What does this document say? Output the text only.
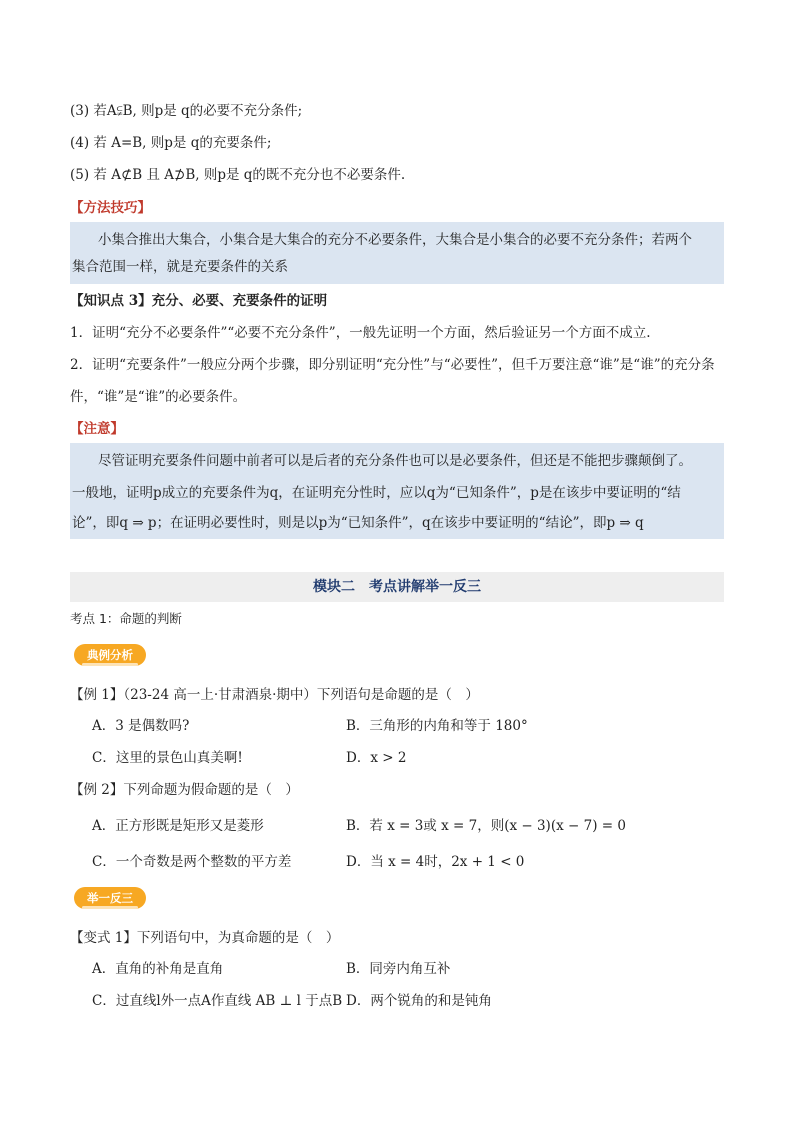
(3) 若A⫋B, 则p是 q的必要不充分条件;
(4) 若 A=B, 则p是 q的充要条件;
(5) 若 A⊄B 且 A⊅B, 则p是 q的既不充分也不必要条件.
【方法技巧】
小集合推出大集合，小集合是大集合的充分不必要条件，大集合是小集合的必要不充分条件；若两个
集合范围一样，就是充要条件的关系
【知识点 3】充分、必要、充要条件的证明
1．证明“充分不必要条件”“必要不充分条件”，一般先证明一个方面，然后验证另一个方面不成立.
2．证明“充要条件”一般应分两个步骤，即分别证明“充分性”与“必要性”，但千万要注意“谁”是“谁”的充分条
件，“谁”是“谁”的必要条件。
【注意】
尽管证明充要条件问题中前者可以是后者的充分条件也可以是必要条件，但还是不能把步骤颠倒了。
一般地，证明p成立的充要条件为q，在证明充分性时，应以q为“已知条件”，p是在该步中要证明的“结
论”，即q ⇒ p；在证明必要性时，则是以p为“已知条件”，q在该步中要证明的“结论”，即p ⇒ q
模块二　考点讲解举一反三
考点 1：命题的判断
典例分析
【例 1】（23-24 高一上·甘肃酒泉·期中）下列语句是命题的是（　）
A．3 是偶数吗?	B．三角形的内角和等于 180°
C．这里的景色山真美啊!	D．x > 2
【例 2】下列命题为假命题的是（　）
A．正方形既是矩形又是菱形	B．若 x = 3或 x = 7，则(x − 3)(x − 7) = 0
C．一个奇数是两个整数的平方差	D．当 x = 4时，2x + 1 < 0
举一反三
【变式 1】下列语句中，为真命题的是（　）
A．直角的补角是直角	B．同旁内角互补
C．过直线l外一点A作直线 AB ⊥ l 于点B D．两个锐角的和是钝角
